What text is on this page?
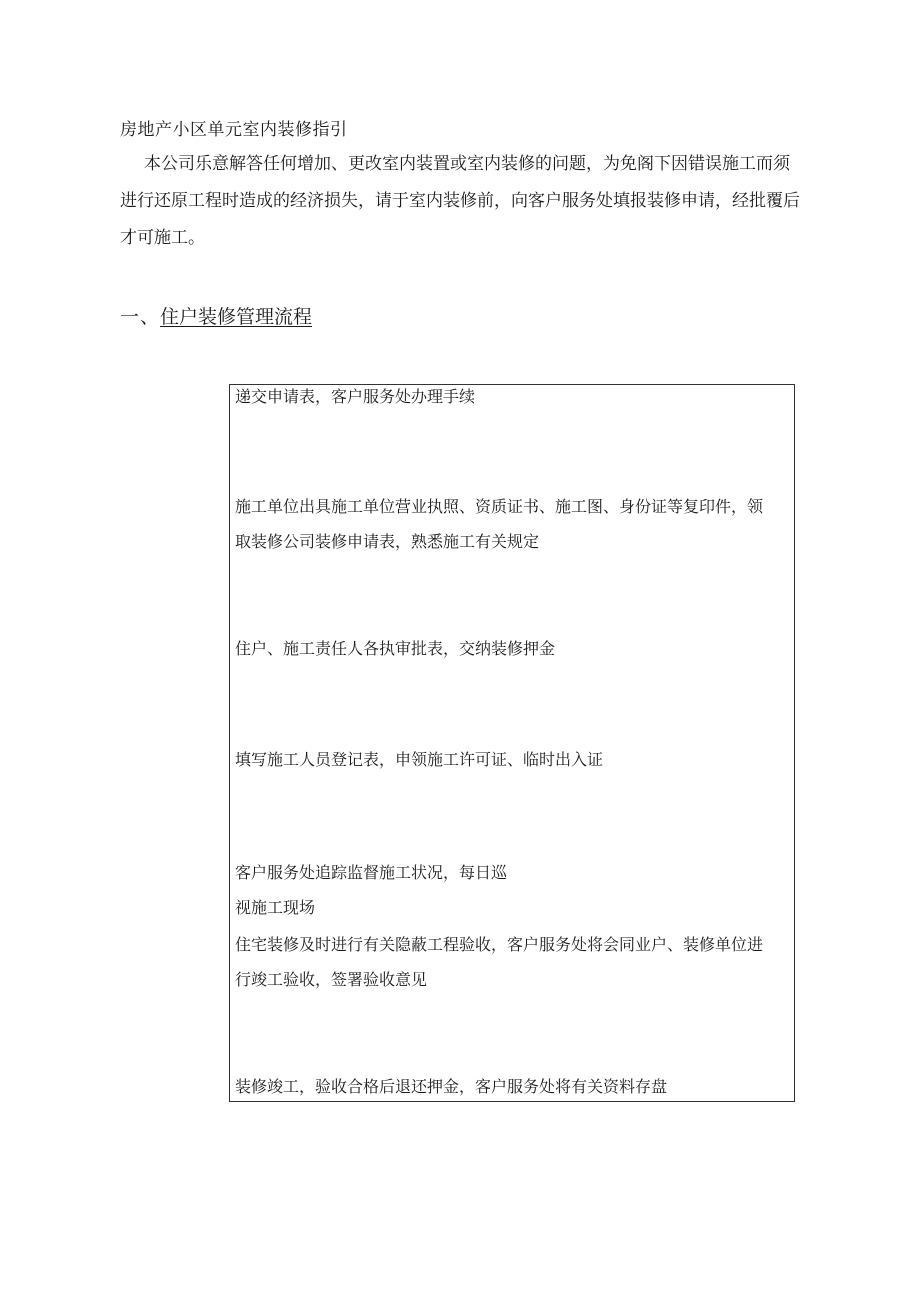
房地产小区单元室内装修指引
本公司乐意解答任何增加、更改室内装置或室内装修的问题，为免阁下因错误施工而须
进行还原工程时造成的经济损失，请于室内装修前，向客户服务处填报装修申请，经批覆后
才可施工。
一、住户装修管理流程
递交申请表，客户服务处办理手续
施工单位出具施工单位营业执照、资质证书、施工图、身份证等复印件，领
取装修公司装修申请表，熟悉施工有关规定
住户、施工责任人各执审批表，交纳装修押金
填写施工人员登记表，申领施工许可证、临时出入证
客户服务处追踪监督施工状况，每日巡
视施工现场
住宅装修及时进行有关隐蔽工程验收，客户服务处将会同业户、装修单位进
行竣工验收，签署验收意见
装修竣工，验收合格后退还押金，客户服务处将有关资料存盘
